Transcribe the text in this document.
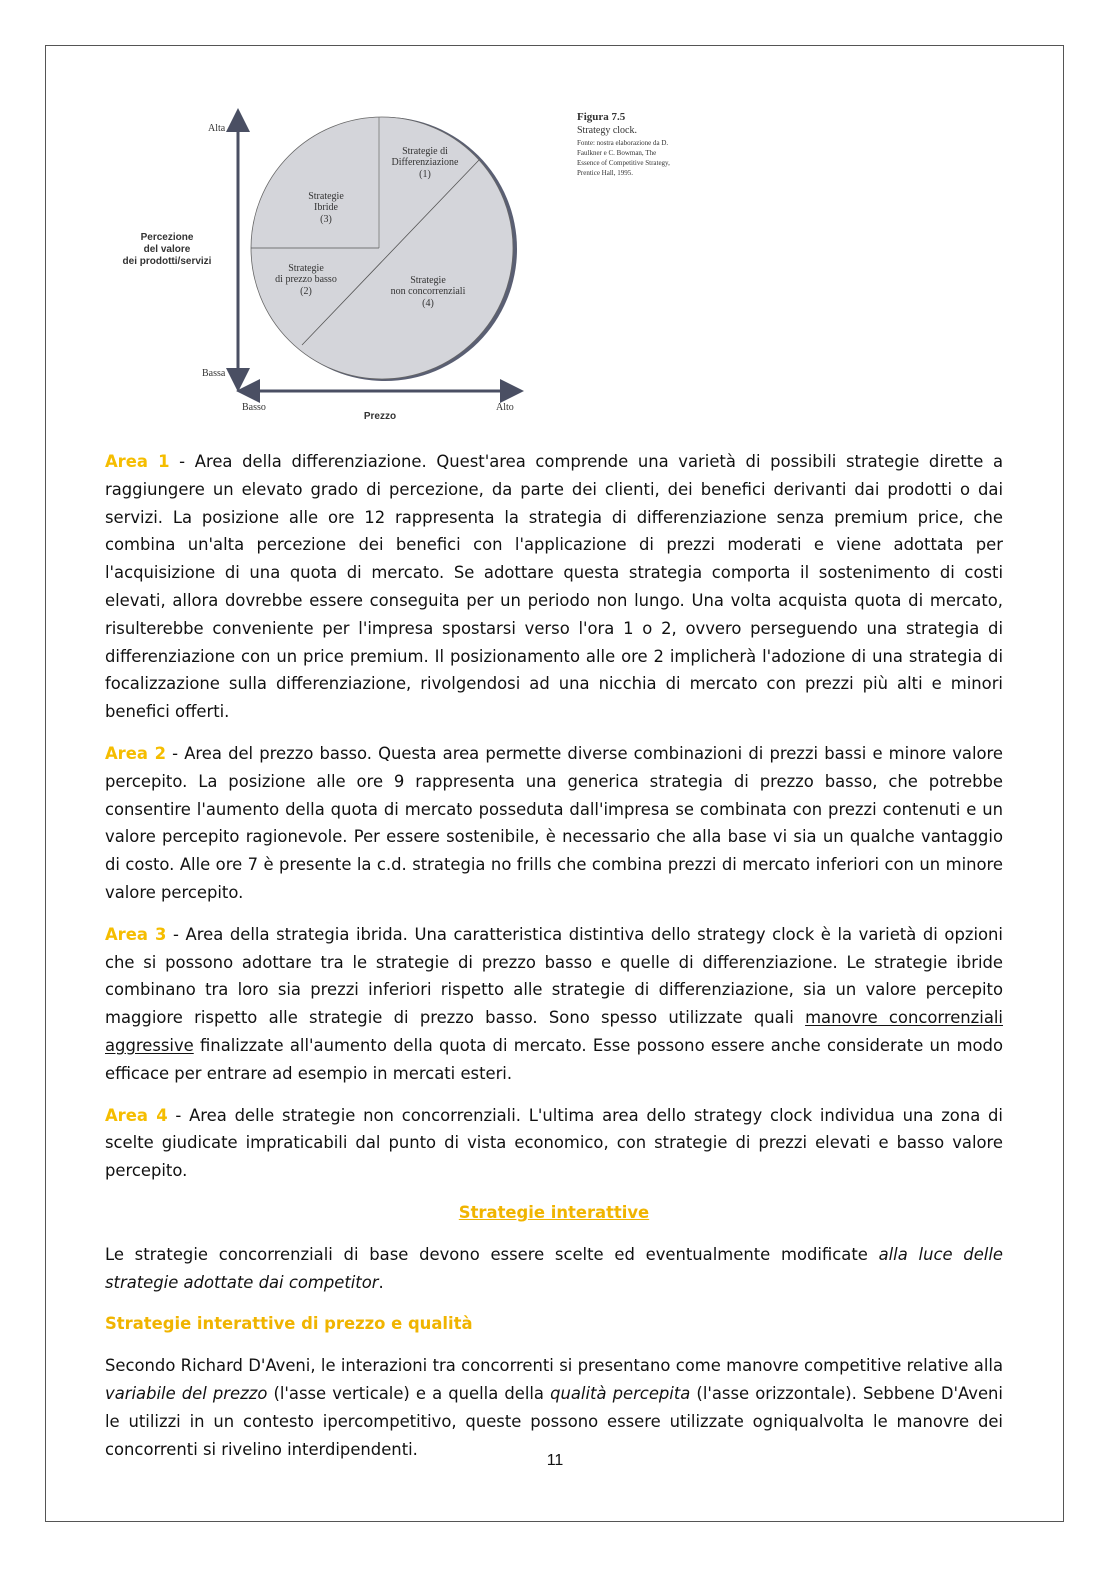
Strategie di
Differenziazione
(1)
Strategie
Ibride
(3)
Strategie
di prezzo basso
(2)
Strategie
non concorrenziali
(4)
Percezione
del valore
dei prodotti/servizi
Prezzo
Alta
Bassa
Basso	Alto
Figura 7.5
Strategy clock.
Fonte: nostra elaborazione da D. Faulkner e C. Bowman, The Essence of Competitive Strategy, Prentice Hall, 1995.

Area 1 - Area della differenziazione. Quest'area comprende una varietà di possibili strategie dirette a raggiungere un elevato grado di percezione, da parte dei clienti, dei benefici derivanti dai prodotti o dai servizi. La posizione alle ore 12 rappresenta la strategia di differenziazione senza premium price, che combina un'alta percezione dei benefici con l'applicazione di prezzi moderati e viene adottata per l'acquisizione di una quota di mercato. Se adottare questa strategia comporta il sostenimento di costi elevati, allora dovrebbe essere conseguita per un periodo non lungo. Una volta acquista quota di mercato, risulterebbe conveniente per l'impresa spostarsi verso l'ora 1 o 2, ovvero perseguendo una strategia di differenziazione con un price premium. Il posizionamento alle ore 2 implicherà l'adozione di una strategia di focalizzazione sulla differenziazione, rivolgendosi ad una nicchia di mercato con prezzi più alti e minori benefici offerti.

Area 2 - Area del prezzo basso. Questa area permette diverse combinazioni di prezzi bassi e minore valore percepito. La posizione alle ore 9 rappresenta una generica strategia di prezzo basso, che potrebbe consentire l'aumento della quota di mercato posseduta dall'impresa se combinata con prezzi contenuti e un valore percepito ragionevole. Per essere sostenibile, è necessario che alla base vi sia un qualche vantaggio di costo. Alle ore 7 è presente la c.d. strategia no frills che combina prezzi di mercato inferiori con un minore valore percepito.

Area 3 - Area della strategia ibrida. Una caratteristica distintiva dello strategy clock è la varietà di opzioni che si possono adottare tra le strategie di prezzo basso e quelle di differenziazione. Le strategie ibride combinano tra loro sia prezzi inferiori rispetto alle strategie di differenziazione, sia un valore percepito maggiore rispetto alle strategie di prezzo basso. Sono spesso utilizzate quali manovre concorrenziali aggressive finalizzate all'aumento della quota di mercato. Esse possono essere anche considerate un modo efficace per entrare ad esempio in mercati esteri.

Area 4 - Area delle strategie non concorrenziali. L'ultima area dello strategy clock individua una zona di scelte giudicate impraticabili dal punto di vista economico, con strategie di prezzi elevati e basso valore percepito.

Strategie interattive

Le strategie concorrenziali di base devono essere scelte ed eventualmente modificate alla luce delle strategie adottate dai competitor.

Strategie interattive di prezzo e qualità

Secondo Richard D'Aveni, le interazioni tra concorrenti si presentano come manovre competitive relative alla variabile del prezzo (l'asse verticale) e a quella della qualità percepita (l'asse orizzontale). Sebbene D'Aveni le utilizzi in un contesto ipercompetitivo, queste possono essere utilizzate ogniqualvolta le manovre dei concorrenti si rivelino interdipendenti.

11
